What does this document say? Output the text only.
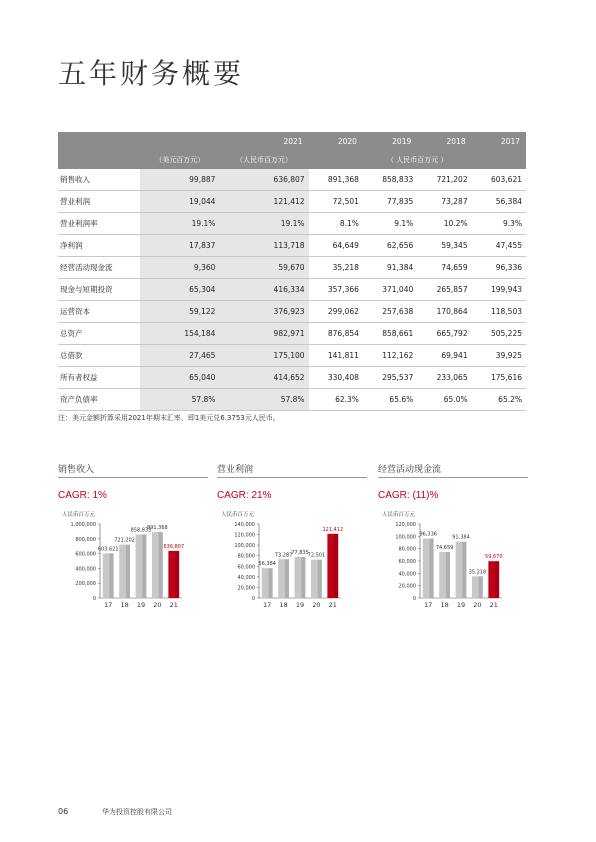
五年财务概要
	2021		2020	2019	2018	2017
	（美元百万元）	（人民币百万元）	（ 人民币百万元 ）			
销售收入	99,887	636,807	891,368	858,833	721,202	603,621
营业利润	19,044	121,412	72,501	77,835	73,287	56,384
营业利润率	19.1%	19.1%	8.1%	9.1%	10.2%	9.3%
净利润	17,837	113,718	64,649	62,656	59,345	47,455
经营活动现金流	9,360	59,670	35,218	91,384	74,659	96,336
现金与短期投资	65,304	416,334	357,366	371,040	265,857	199,943
运营资本	59,122	376,923	299,062	257,638	170,864	118,503
总资产	154,184	982,971	876,854	858,661	665,792	505,225
总借款	27,465	175,100	141,811	112,162	69,941	39,925
所有者权益	65,040	414,652	330,408	295,537	233,065	175,616
资产负债率	57.8%	57.8%	62.3%	65.6%	65.0%	65.2%
注：美元金额折算采用2021年期末汇率，即1美元兑6.3753元人民币。
销售收入
CAGR: 1%
人民币百万元
0
200,000
400,000
600,000
800,000
1,000,000
603,621
17
721,202
18
858,833
19
891,368
20
636,807
21
营业利润
CAGR: 21%
人民币百万元
0
20,000
40,000
60,000
80,000
100,000
120,000
140,000
56,384
17
73,287
18
77,835
19
72,501
20
121,412
21
经营活动现金流
CAGR: (11)%
人民币百万元
0
20,000
40,000
60,000
80,000
100,000
120,000
96,336
17
74,659
18
91,384
19
35,218
20
59,670
21
06	华为投资控股有限公司
